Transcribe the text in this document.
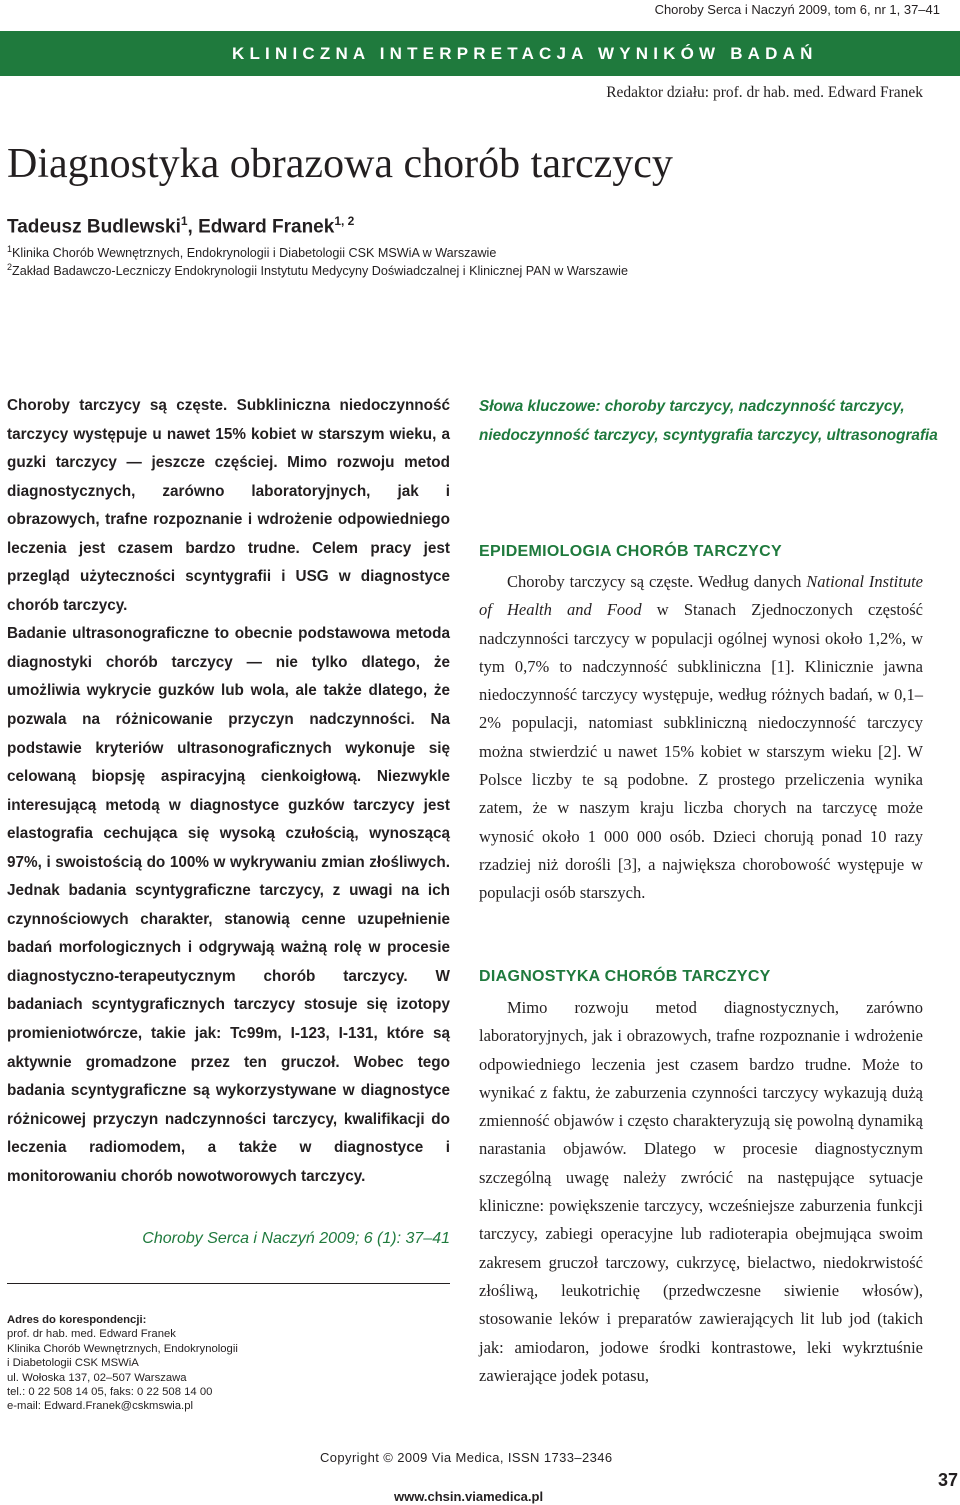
Choroby Serca i Naczyń 2009, tom 6, nr 1, 37–41
KLINICZNA INTERPRETACJA WYNIKÓW BADAŃ
Redaktor działu: prof. dr hab. med. Edward Franek
Diagnostyka obrazowa chorób tarczycy
Tadeusz Budlewski$^1$, Edward Franek$^{1, 2}$
$^1$Klinika Chorób Wewnętrznych, Endokrynologii i Diabetologii CSK MSWiA w Warszawie
$^2$Zakład Badawczo-Leczniczy Endokrynologii Instytutu Medycyny Doświadczalnej i Klinicznej PAN w Warszawie

Choroby tarczycy są częste. Subkliniczna niedoczynność tarczycy występuje u nawet 15% kobiet w starszym wieku, a guzki tarczycy — jeszcze częściej. Mimo rozwoju metod diagnostycznych, zarówno laboratoryjnych, jak i obrazowych, trafne rozpoznanie i wdrożenie odpowiedniego leczenia jest czasem bardzo trudne. Celem pracy jest przegląd użyteczności scyntygrafii i USG w diagnostyce chorób tarczycy.

Badanie ultrasonograficzne to obecnie podstawowa metoda diagnostyki chorób tarczycy — nie tylko dlatego, że umożliwia wykrycie guzków lub wola, ale także dlatego, że pozwala na różnicowanie przyczyn nadczynności. Na podstawie kryteriów ultrasonograficznych wykonuje się celowaną biopsję aspiracyjną cienkoigłową. Niezwykle interesującą metodą w diagnostyce guzków tarczycy jest elastografia cechująca się wysoką czułością, wynoszącą 97%, i swoistością do 100% w wykrywaniu zmian złośliwych. Jednak badania scyntygraficzne tarczycy, z uwagi na ich czynnościowych charakter, stanowią cenne uzupełnienie badań morfologicznych i odgrywają ważną rolę w procesie diagnostyczno-terapeutycznym chorób tarczycy. W badaniach scyntygraficznych tarczycy stosuje się izotopy promieniotwórcze, takie jak: Tc99m, I-123, I-131, które są aktywnie gromadzone przez ten gruczoł. Wobec tego badania scyntygraficzne są wykorzystywane w diagnostyce różnicowej przyczyn nadczynności tarczycy, kwalifikacji do leczenia radiomodem, a także w diagnostyce i monitorowaniu chorób nowotworowych tarczycy.

Choroby Serca i Naczyń 2009; 6 (1): 37–41
Adres do korespondencji:
prof. dr hab. med. Edward Franek
Klinika Chorób Wewnętrznych, Endokrynologii
i Diabetologii CSK MSWiA
ul. Wołoska 137, 02–507 Warszawa
tel.: 0 22 508 14 05, faks: 0 22 508 14 00
e-mail: Edward.Franek@cskmswia.pl
Słowa kluczowe: choroby tarczycy, nadczynność tarczycy, niedoczynność tarczycy, scyntygrafia tarczycy, ultrasonografia
EPIDEMIOLOGIA CHORÓB TARCZYCY

Choroby tarczycy są częste. Według danych National Institute of Health and Food w Stanach Zjednoczonych częstość nadczynności tarczycy w populacji ogólnej wynosi około 1,2%, w tym 0,7% to nadczynność subkliniczna [1]. Klinicznie jawna niedoczynność tarczycy występuje, według różnych badań, w 0,1–2% populacji, natomiast subkliniczną niedoczynność tarczycy można stwierdzić u nawet 15% kobiet w starszym wieku [2]. W Polsce liczby te są podobne. Z prostego przeliczenia wynika zatem, że w naszym kraju liczba chorych na tarczycę może wynosić około 1 000 000 osób. Dzieci chorują ponad 10 razy rzadziej niż dorośli [3], a największa chorobowość występuje w populacji osób starszych.

DIAGNOSTYKA CHORÓB TARCZYCY

Mimo rozwoju metod diagnostycznych, zarówno laboratoryjnych, jak i obrazowych, trafne rozpoznanie i wdrożenie odpowiedniego leczenia jest czasem bardzo trudne. Może to wynikać z faktu, że zaburzenia czynności tarczycy wykazują dużą zmienność objawów i często charakteryzują się powolną dynamiką narastania objawów. Dlatego w procesie diagnostycznym szczególną uwagę należy zwrócić na następujące sytuacje kliniczne: powiększenie tarczycy, wcześniejsze zaburzenia funkcji tarczycy, zabiegi operacyjne lub radioterapia obejmująca swoim zakresem gruczoł tarczowy, cukrzycę, bielactwo, niedokrwistość złośliwą, leukotrichię (przedwczesne siwienie włosów), stosowanie leków i preparatów zawierających lit lub jod (takich jak: amiodaron, jodowe środki kontrastowe, leki wykrztuśnie zawierające jodek potasu,

Copyright © 2009 Via Medica, ISSN 1733–2346
www.chsin.viamedica.pl
37
